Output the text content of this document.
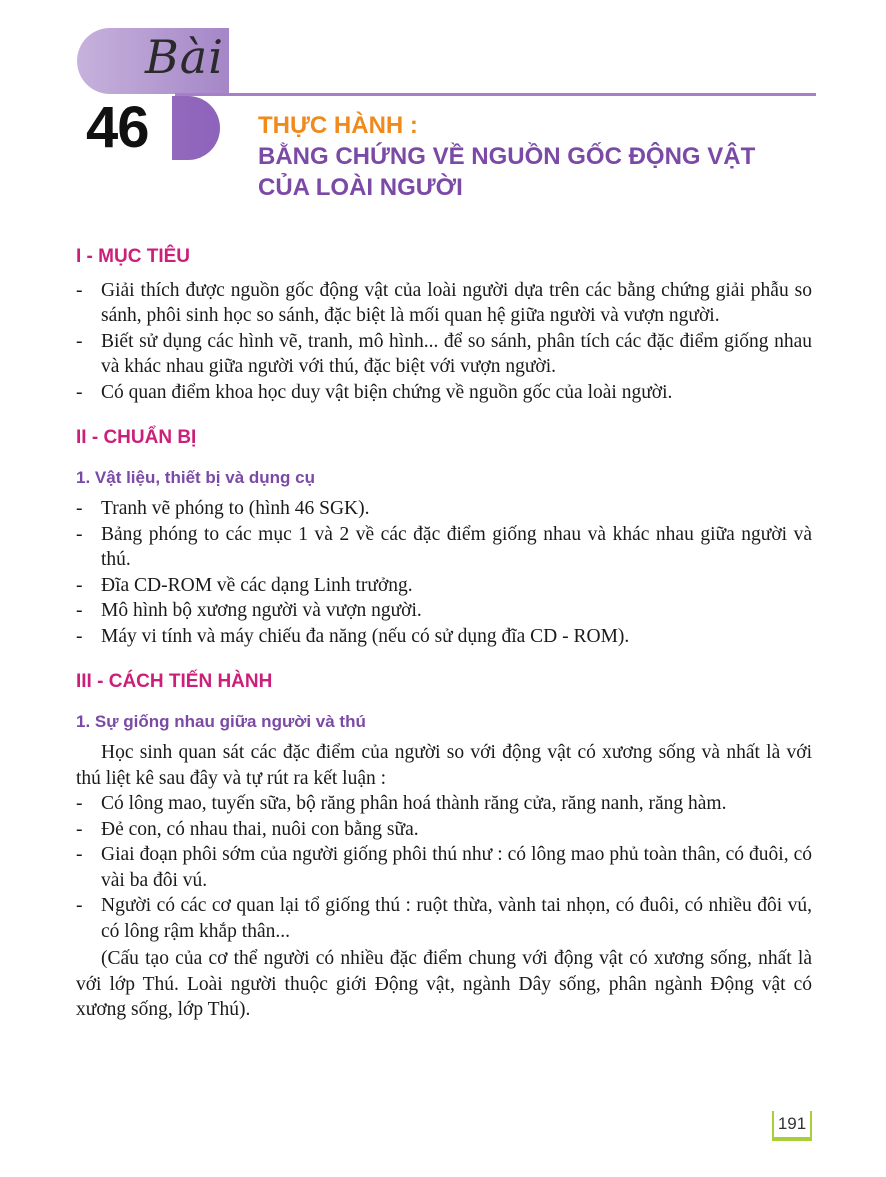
Bài
46	THỰC HÀNH :
BẰNG CHỨNG VỀ NGUỒN GỐC ĐỘNG VẬT
CỦA LOÀI NGƯỜI
I - MỤC TIÊU
- Giải thích được nguồn gốc động vật của loài người dựa trên các bằng chứng giải phẫu so sánh, phôi sinh học so sánh, đặc biệt là mối quan hệ giữa người và vượn người.
- Biết sử dụng các hình vẽ, tranh, mô hình... để so sánh, phân tích các đặc điểm giống nhau và khác nhau giữa người với thú, đặc biệt với vượn người.
- Có quan điểm khoa học duy vật biện chứng về nguồn gốc của loài người.
II - CHUẨN BỊ
1. Vật liệu, thiết bị và dụng cụ
- Tranh vẽ phóng to (hình 46 SGK).
- Bảng phóng to các mục 1 và 2 về các đặc điểm giống nhau và khác nhau giữa người và thú.
- Đĩa CD-ROM về các dạng Linh trưởng.
- Mô hình bộ xương người và vượn người.
- Máy vi tính và máy chiếu đa năng (nếu có sử dụng đĩa CD - ROM).
III - CÁCH TIẾN HÀNH
1. Sự giống nhau giữa người và thú

Học sinh quan sát các đặc điểm của người so với động vật có xương sống và nhất là với thú liệt kê sau đây và tự rút ra kết luận :

- Có lông mao, tuyến sữa, bộ răng phân hoá thành răng cửa, răng nanh, răng hàm.
- Đẻ con, có nhau thai, nuôi con bằng sữa.
- Giai đoạn phôi sớm của người giống phôi thú như : có lông mao phủ toàn thân, có đuôi, có vài ba đôi vú.
- Người có các cơ quan lại tổ giống thú : ruột thừa, vành tai nhọn, có đuôi, có nhiều đôi vú, có lông rậm khắp thân...

(Cấu tạo của cơ thể người có nhiều đặc điểm chung với động vật có xương sống, nhất là với lớp Thú. Loài người thuộc giới Động vật, ngành Dây sống, phân ngành Động vật có xương sống, lớp Thú).

191
